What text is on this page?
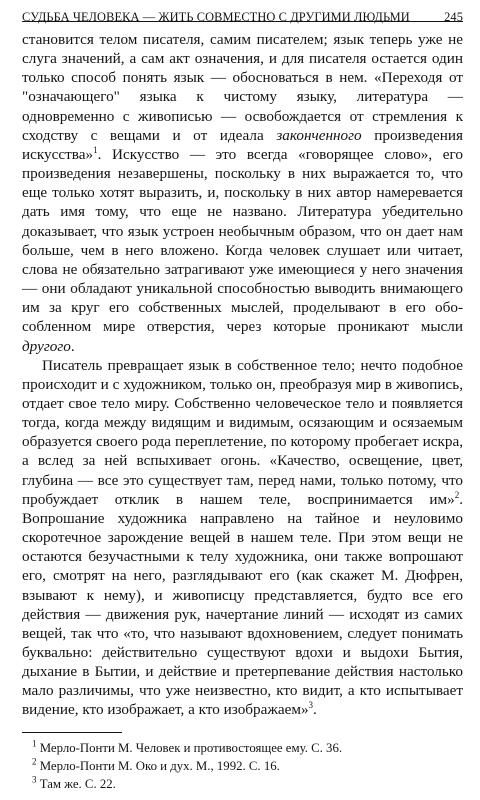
СУДЬБА ЧЕЛОВЕКА — ЖИТЬ СОВМЕСТНО С ДРУГИМИ ЛЮДЬМИ	245

становится телом писателя, самим писателем; язык теперь уже не слуга значений, а сам акт означения, и для писателя остается один только способ понять язык — обосноваться в нем. «Переходя от "означающего" языка к чистому языку, литература — одновременно с живописью — освобождается от стремления к сходству с вещами и от идеала законченного произведения искусства»$^1$. Искусство — это всегда «говорящее слово», его произведения незавершены, поскольку в них выражается то, что еще только хотят выразить, и, поскольку в них автор намеревается дать имя тому, что еще не названо. Литература убедительно доказывает, что язык устроен необычным образом, что он дает нам больше, чем в него вложено. Когда человек слушает или читает, слова не обязательно затрагивают уже имеющиеся у него значения — они обладают уникальной способностью выводить внимающего им за круг его собственных мыслей, проделывают в его обособленном мире отверстия, через которые проникают мысли другого.

Писатель превращает язык в собственное тело; нечто подобное происходит и с художником, только он, преобразуя мир в живопись, отдает свое тело миру. Собственно человеческое тело и появляется тогда, когда между видящим и видимым, осязающим и осязаемым образуется своего рода переплетение, по которому пробегает искра, а вслед за ней вспыхивает огонь. «Качество, освещение, цвет, глубина — все это существует там, перед нами, только потому, что пробуждает отклик в нашем теле, воспринимается им»$^2$. Вопрошание художника направлено на тайное и неуловимо скоротечное зарождение вещей в нашем теле. При этом вещи не остаются безучастными к телу художника, они также вопрошают его, смотрят на него, разглядывают его (как скажет М. Дюфрен, взывают к нему), и живописцу представляется, будто все его действия — движения рук, начертание линий — исходят из самих вещей, так что «то, что называют вдохновением, следует понимать буквально: действительно существуют вдохи и выдохи Бытия, дыхание в Бытии, и действие и претерпевание действия настолько мало различимы, что уже неизвестно, кто видит, а кто испытывает видение, кто изображает, а кто изображаем»$^3$.

$^1$ Мерло-Понти М. Человек и противостоящее ему. С. 36.
$^2$ Мерло-Понти М. Око и дух. М., 1992. С. 16.
$^3$ Там же. С. 22.
